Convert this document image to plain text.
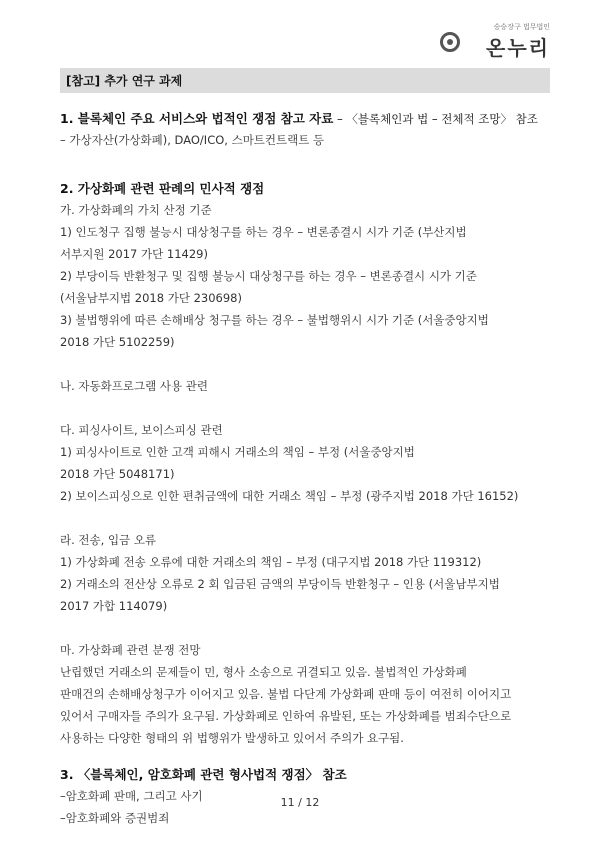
승승장구 법무법인
온누리
[참고] 추가 연구 과제
1. 블록체인 주요 서비스와 법적인 쟁점 참고 자료 – 〈블록체인과 법 – 전체적 조망〉 참조
– 가상자산(가상화폐), DAO/ICO, 스마트컨트랙트 등
2. 가상화폐 관련 판례의 민사적 쟁점
가. 가상화폐의 가치 산정 기준
1) 인도청구 집행 불능시 대상청구를 하는 경우 – 변론종결시 시가 기준 (부산지법
서부지원 2017 가단 11429)
2) 부당이득 반환청구 및 집행 불능시 대상청구를 하는 경우 – 변론종결시 시가 기준
(서울남부지법 2018 가단 230698)
3) 불법행위에 따른 손해배상 청구를 하는 경우 – 불법행위시 시가 기준 (서울중앙지법
2018 가단 5102259)
나. 자동화프로그램 사용 관련
다. 피싱사이트, 보이스피싱 관련
1) 피싱사이트로 인한 고객 피해시 거래소의 책임 – 부정 (서울중앙지법
2018 가단 5048171)
2) 보이스피싱으로 인한 편취금액에 대한 거래소 책임 – 부정 (광주지법 2018 가단 16152)
라. 전송, 입금 오류
1) 가상화폐 전송 오류에 대한 거래소의 책임 – 부정 (대구지법 2018 가단 119312)
2) 거래소의 전산상 오류로 2 회 입금된 금액의 부당이득 반환청구 – 인용 (서울남부지법
2017 가합 114079)
마. 가상화폐 관련 분쟁 전망
난립했던 거래소의 문제들이 민, 형사 소송으로 귀결되고 있음. 불법적인 가상화폐
판매건의 손해배상청구가 이어지고 있음. 불법 다단계 가상화폐 판매 등이 여전히 이어지고
있어서 구매자들 주의가 요구됨. 가상화폐로 인하여 유발된, 또는 가상화폐를 범죄수단으로
사용하는 다양한 형태의 위 법행위가 발생하고 있어서 주의가 요구됨.
3. 〈블록체인, 암호화폐 관련 형사법적 쟁점〉 참조
–암호화폐 판매, 그리고 사기
–암호화폐와 증권범죄
11 / 12
